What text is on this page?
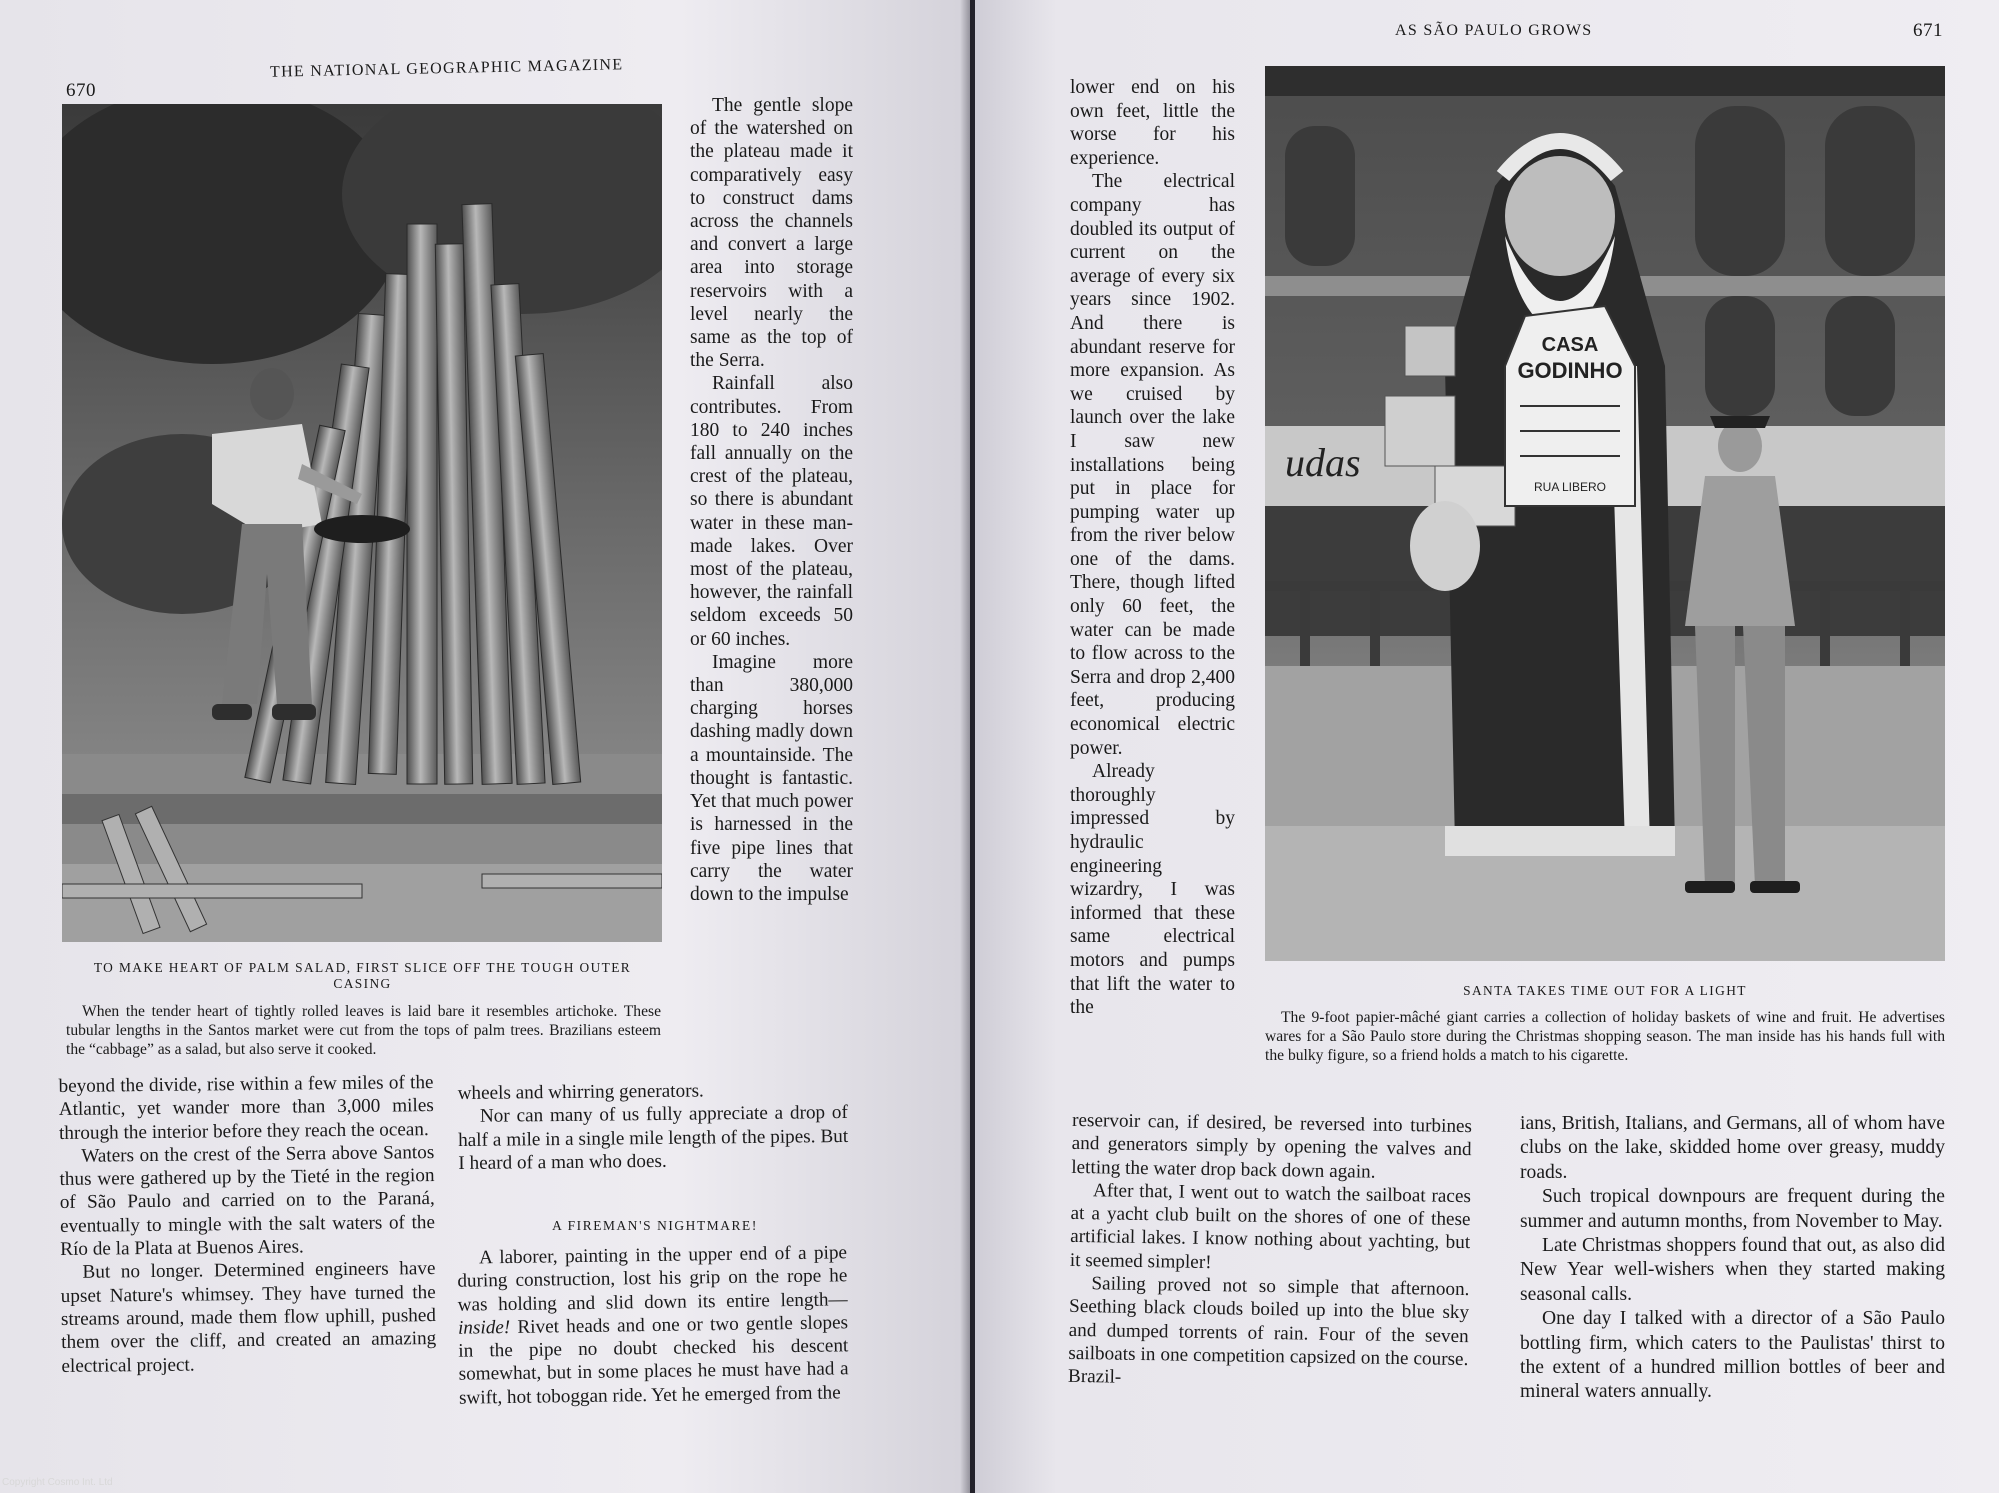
670
THE NATIONAL GEOGRAPHIC MAGAZINE
TO MAKE HEART OF PALM SALAD, FIRST SLICE OFF THE TOUGH OUTER CASING

When the tender heart of tightly rolled leaves is laid bare it resembles artichoke. These tubular lengths in the Santos market were cut from the tops of palm trees. Brazilians esteem the “cabbage” as a salad, but also serve it cooked.

The gentle slope of the watershed on the plateau made it comparatively easy to construct dams across the channels and convert a large area into storage reservoirs with a level nearly the same as the top of the Serra.

Rainfall also contributes. From 180 to 240 inches fall annually on the crest of the plateau, so there is abundant water in these man-made lakes. Over most of the plateau, however, the rainfall seldom exceeds 50 or 60 inches.

Imagine more than 380,000 charging horses dashing madly down a mountainside. The thought is fantastic. Yet that much power is harnessed in the five pipe lines that carry the water down to the impulse

beyond the divide, rise within a few miles of the Atlantic, yet wander more than 3,000 miles through the interior before they reach the ocean.

Waters on the crest of the Serra above Santos thus were gathered up by the Tieté in the region of São Paulo and carried on to the Paraná, eventually to mingle with the salt waters of the Río de la Plata at Buenos Aires.

But no longer. Determined engineers have upset Nature's whimsey. They have turned the streams around, made them flow uphill, pushed them over the cliff, and created an amazing electrical project.

wheels and whirring generators.

Nor can many of us fully appreciate a drop of half a mile in a single mile length of the pipes. But I heard of a man who does.

A FIREMAN'S NIGHTMARE!

A laborer, painting in the upper end of a pipe during construction, lost his grip on the rope he was holding and slid down its entire length—inside! Rivet heads and one or two gentle slopes in the pipe no doubt checked his descent somewhat, but in some places he must have had a swift, hot toboggan ride. Yet he emerged from the

AS SÃO PAULO GROWS	671

lower end on his own feet, little the worse for his experience.

The electrical company has doubled its output of current on the average of every six years since 1902. And there is abundant reserve for more expansion. As we cruised by launch over the lake I saw new installations being put in place for pumping water up from the river below one of the dams. There, though lifted only 60 feet, the water can be made to flow across to the Serra and drop 2,400 feet, producing economical electric power.

Already thoroughly impressed by hydraulic engineering wizardry, I was informed that these same electrical motors and pumps that lift the water to the

udas
CASA
GODINHO
RUA LIBERO
SANTA TAKES TIME OUT FOR A LIGHT

The 9-foot papier-mâché giant carries a collection of holiday baskets of wine and fruit. He advertises wares for a São Paulo store during the Christmas shopping season. The man inside has his hands full with the bulky figure, so a friend holds a match to his cigarette.

reservoir can, if desired, be reversed into turbines and generators simply by opening the valves and letting the water drop back down again.

After that, I went out to watch the sailboat races at a yacht club built on the shores of one of these artificial lakes. I know nothing about yachting, but it seemed simpler!

Sailing proved not so simple that afternoon. Seething black clouds boiled up into the blue sky and dumped torrents of rain. Four of the seven sailboats in one competition capsized on the course. Brazil-

ians, British, Italians, and Germans, all of whom have clubs on the lake, skidded home over greasy, muddy roads.

Such tropical downpours are frequent during the summer and autumn months, from November to May.

Late Christmas shoppers found that out, as also did New Year well-wishers when they started making seasonal calls.

One day I talked with a director of a São Paulo bottling firm, which caters to the Paulistas' thirst to the extent of a hundred million bottles of beer and mineral waters annually.

Copyright Cosmo Int. Ltd
